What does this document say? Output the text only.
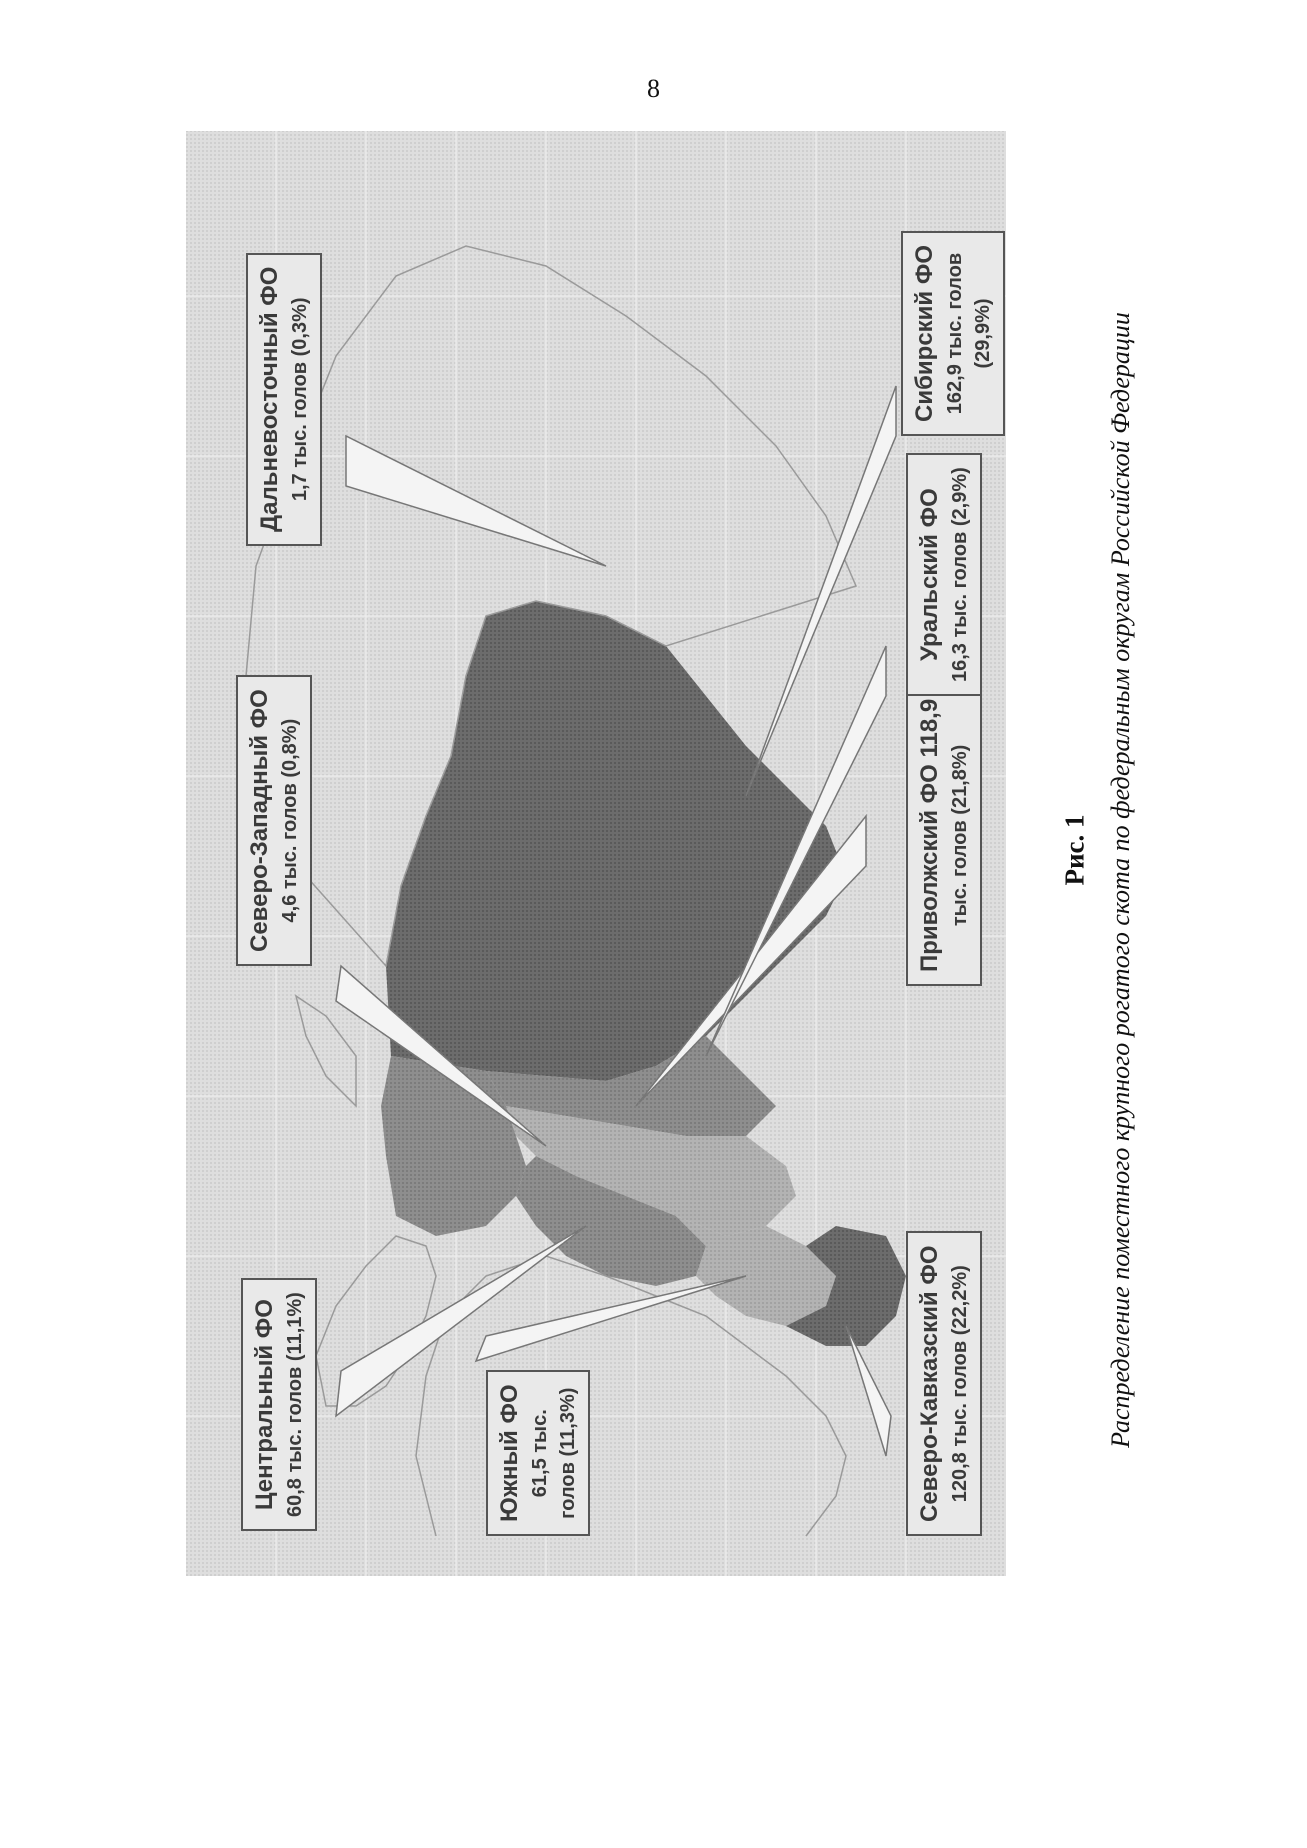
8
Центральный ФО 60,8 тыс. голов (11,1%)	Южный ФО 61,5 тыс. голов (11,3%)	Северо-Кавказский ФО 120,8 тыс. голов (22,2%)
Северо-Западный ФО 4,6 тыс. голов (0,8%)	Приволжский ФО 118,9 тыс. голов (21,8%)
Уральский ФО 16,3 тыс. голов (2,9%)
Сибирский ФО 162,9 тыс. голов (29,9%)
Дальневосточный ФО 1,7 тыс. голов (0,3%)
Рис. 1 Распределение поместного крупного рогатого скота по федеральным округам Российской Федерации
